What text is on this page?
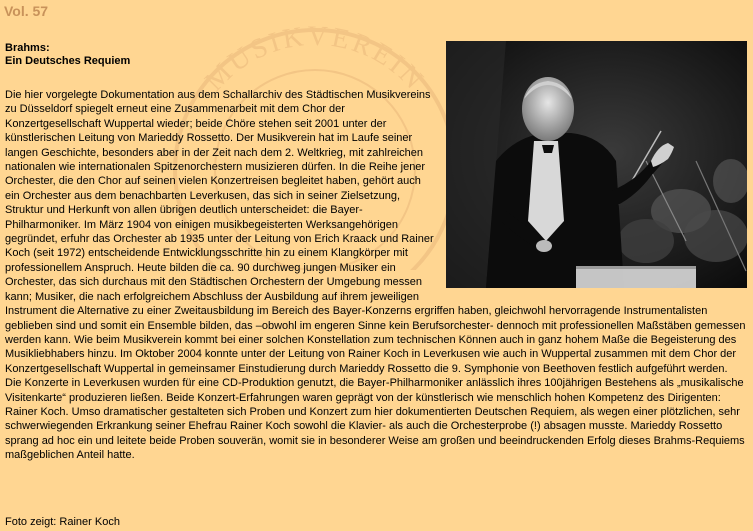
MUSIKVEREIN
Vol. 57
Brahms:
Ein Deutsches Requiem

Die hier vorgelegte Dokumentation aus dem Schallarchiv des Städtischen Musikvereins zu Düsseldorf spiegelt erneut eine Zusammenarbeit mit dem Chor der Konzertgesellschaft Wuppertal wieder; beide Chöre stehen seit 2001 unter der künstlerischen Leitung von Marieddy Rossetto. Der Musikverein hat im Laufe seiner langen Geschichte, besonders aber in der Zeit nach dem 2. Weltkrieg, mit zahlreichen nationalen wie internationalen Spitzenorchestern musizieren dürfen. In die Reihe jener Orchester, die den Chor auf seinen vielen Konzertreisen begleitet haben, gehört auch ein Orchester aus dem benachbarten Leverkusen, das sich in seiner Zielsetzung, Struktur und Herkunft von allen übrigen deutlich unterscheidet: die Bayer-Philharmoniker. Im März 1904 von einigen musikbegeisterten Werksangehörigen gegründet, erfuhr das Orchester ab 1935 unter der Leitung von Erich Kraack und Rainer Koch (seit 1972) entscheidende Entwicklungsschritte hin zu einem Klangkörper mit professionellem Anspruch. Heute bilden die ca. 90 durchweg jungen Musiker ein Orchester, das sich durchaus mit den Städtischen Orchestern der Umgebung messen kann; Musiker, die nach erfolgreichem Abschluss der Ausbildung auf ihrem jeweiligen Instrument die Alternative zu einer Zweitausbildung im Bereich des Bayer-Konzerns ergriffen haben, gleichwohl hervorragende Instrumentalisten geblieben sind und somit ein Ensemble bilden, das –obwohl im engeren Sinne kein Berufsorchester- dennoch mit professionellen Maßstäben gemessen werden kann. Wie beim Musikverein kommt bei einer solchen Konstellation zum technischen Können auch in ganz hohem Maße die Begeisterung des Musikliebhabers hinzu. Im Oktober 2004 konnte unter der Leitung von Rainer Koch in Leverkusen wie auch in Wuppertal zusammen mit dem Chor der Konzertgesellschaft Wuppertal in gemeinsamer Einstudierung durch Marieddy Rossetto die 9. Symphonie von Beethoven festlich aufgeführt werden. Die Konzerte in Leverkusen wurden für eine CD-Produktion genutzt, die Bayer-Philharmoniker anlässlich ihres 100jährigen Bestehens als „musikalische Visitenkarte“ produzieren ließen. Beide Konzert-Erfahrungen waren geprägt von der künstlerisch wie menschlich hohen Kompetenz des Dirigenten: Rainer Koch. Umso dramatischer gestalteten sich Proben und Konzert zum hier dokumentierten Deutschen Requiem, als wegen einer plötzlichen, sehr schwerwiegenden Erkrankung seiner Ehefrau Rainer Koch sowohl die Klavier- als auch die Orchesterprobe (!) absagen musste. Marieddy Rossetto sprang ad hoc ein und leitete beide Proben souverän, womit sie in besonderer Weise am großen und beeindruckenden Erfolg dieses Brahms-Requiems maßgeblichen Anteil hatte.

Foto zeigt: Rainer Koch
